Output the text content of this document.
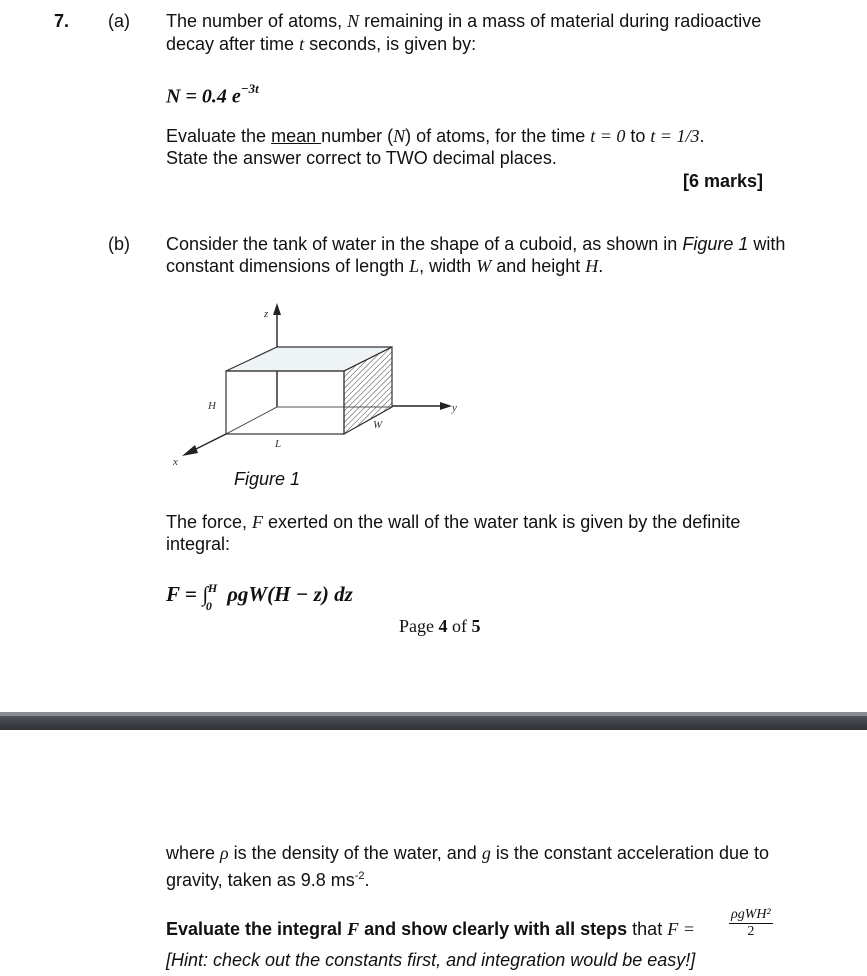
7. (a) The number of atoms, N remaining in a mass of material during radioactive
decay after time t seconds, is given by:
N = 0.4 $e^{-3t}$
Evaluate the mean number (N) of atoms, for the time t = 0 to t = 1/3.
State the answer correct to TWO decimal places.
[6 marks]
(b) Consider the tank of water in the shape of a cuboid, as shown in Figure 1 with
constant dimensions of length L, width W and height H.
z
y
x
H
L
W
Figure 1
The force, F exerted on the wall of the water tank is given by the definite
integral:
F = ∫ H
0 ρgW(H − z) dz
Page 4 of 5
where ρ is the density of the water, and g is the constant acceleration due to
gravity, taken as 9.8 $ms^{-2}$.
Evaluate the integral F and show clearly with all steps that $F = \frac{\text{ρgWH²}}{2}$
[Hint: check out the constants first, and integration would be easy!]
